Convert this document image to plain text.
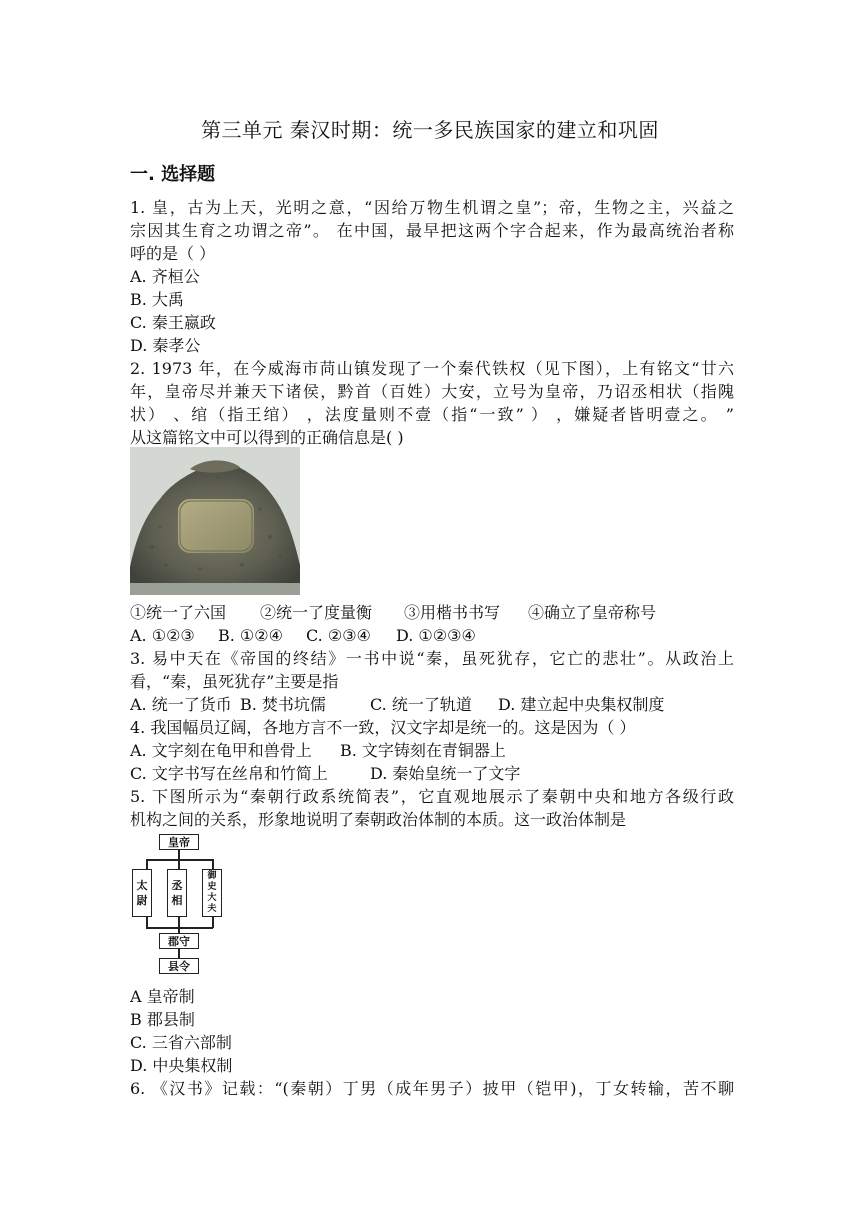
第三单元 秦汉时期：统一多民族国家的建立和巩固
一. 选择题
1. 皇，古为上天，光明之意，“因给万物生机谓之皇”；帝，生物之主，兴益之
宗因其生育之功谓之帝”。 在中国，最早把这两个字合起来，作为最高统治者称
呼的是（ ）
A. 齐桓公
B. 大禹
C. 秦王嬴政
D. 秦孝公
2. 1973 年，在今威海市苘山镇发现了一个秦代铁权（见下图），上有铭文“廿六
年，皇帝尽并兼天下诸侯，黔首（百姓）大安，立号为皇帝，乃诏丞相状（指隗
状） 、绾（指王绾） ，法度量则不壹（指“一致” ） ，嫌疑者皆明壹之。 ”
从这篇铭文中可以得到的正确信息是( )
①统一了六国 ②统一了度量衡 ③用楷书书写 ④确立了皇帝称号
A. ①②③ B. ①②④ C. ②③④ D. ①②③④
3. 易中天在《帝国的终结》一书中说“秦，虽死犹存，它亡的悲壮”。从政治上
看，“秦，虽死犹存”主要是指
A. 统一了货币 B. 焚书坑儒	C. 统一了轨道 D. 建立起中央集权制度
4. 我国幅员辽阔，各地方言不一致，汉文字却是统一的。这是因为（ ）
A. 文字刻在龟甲和兽骨上 B. 文字铸刻在青铜器上
C. 文字书写在丝帛和竹简上	D. 秦始皇统一了文字
5. 下图所示为“秦朝行政系统简表”，它直观地展示了秦朝中央和地方各级行政
机构之间的关系，形象地说明了秦朝政治体制的本质。这一政治体制是
皇帝
太
尉
丞
相
御
史
大
夫
郡守
县令
A 皇帝制
B 郡县制
C. 三省六部制
D. 中央集权制
6. 《汉书》记载：“(秦朝）丁男（成年男子）披甲（铠甲)，丁女转输，苦不聊
